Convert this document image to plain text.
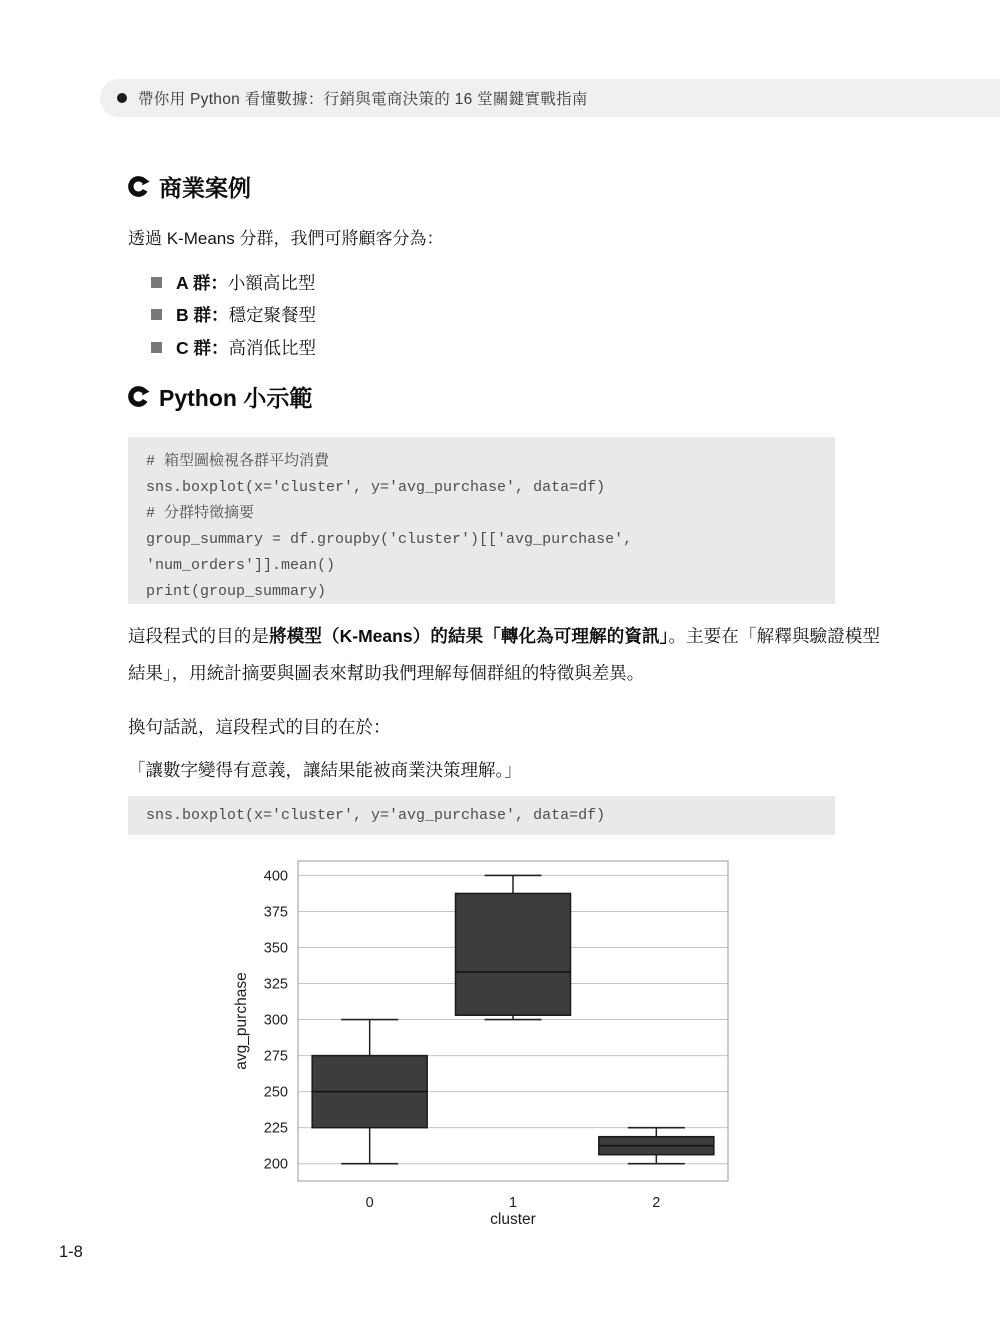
帶你用 Python 看懂數據：行銷與電商決策的 16 堂關鍵實戰指南
商業案例
透過 K-Means 分群，我們可將顧客分為：
A 群： 小額高比型
B 群： 穩定聚餐型
C 群： 高消低比型
Python 小示範
# 箱型圖檢視各群平均消費
sns.boxplot(x='cluster', y='avg_purchase', data=df)
# 分群特徵摘要
group_summary = df.groupby('cluster')[['avg_purchase',
'num_orders']].mean()
print(group_summary)
這段程式的目的是將模型（K-Means）的結果「轉化為可理解的資訊」。主要在「解釋與驗證模型結果」，用統計摘要與圖表來幫助我們理解每個群組的特徵與差異。
換句話説，這段程式的目的在於：
「讓數字變得有意義，讓結果能被商業決策理解。」
sns.boxplot(x='cluster', y='avg_purchase', data=df)
200
225
250
275
300
325
350
375
400
0	1	2
cluster
avg_purchase
1-8
